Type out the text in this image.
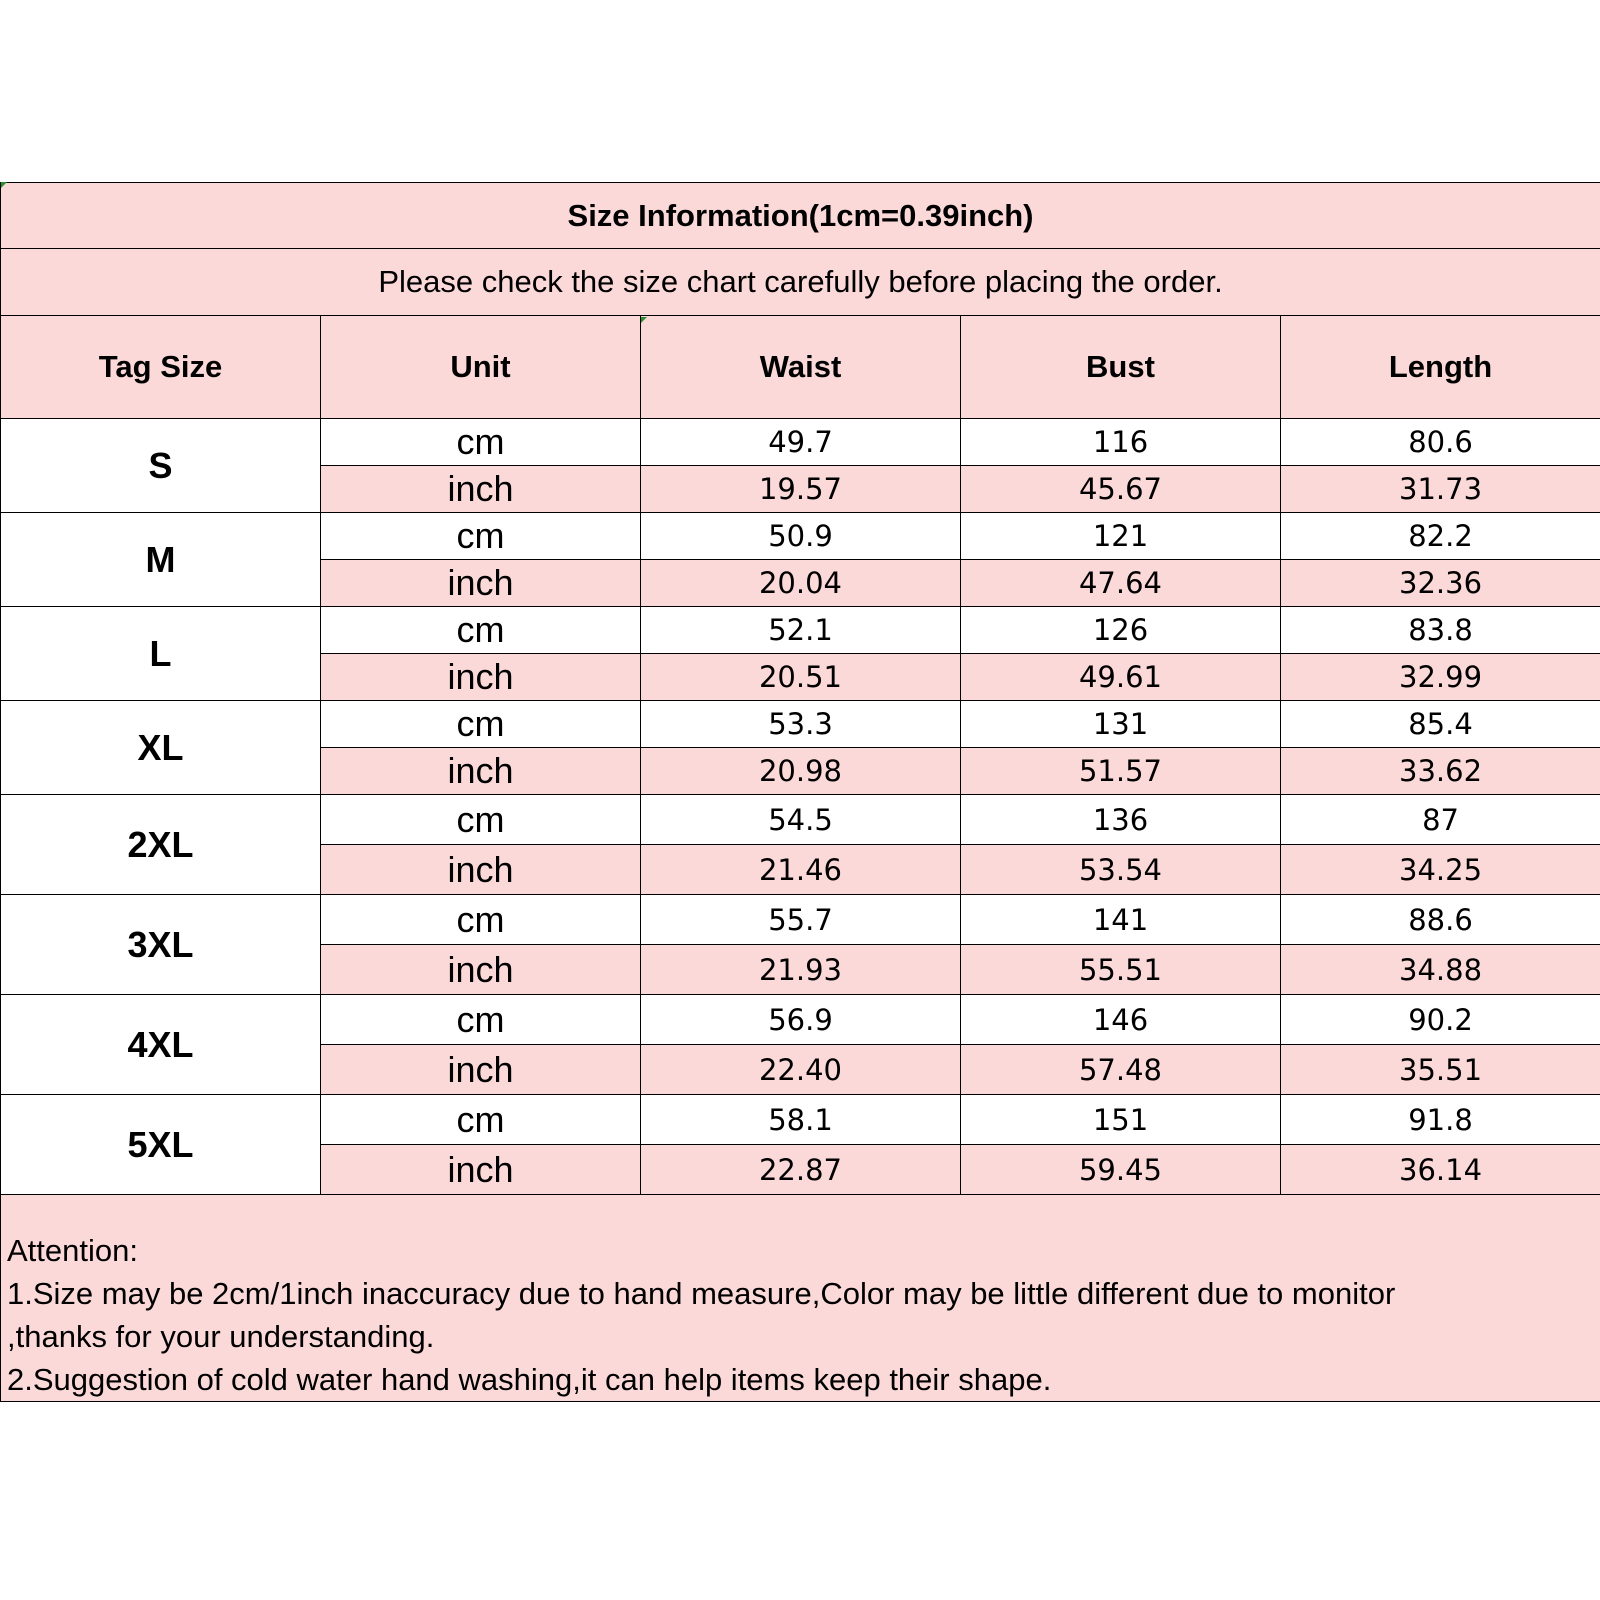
Size Information(1cm=0.39inch)				
Please check the size chart carefully before placing the order.				
Tag Size	Unit	Waist	Bust	Length
S	cm	49.7	116	80.6
	inch	19.57	45.67	31.73
M	cm	50.9	121	82.2
	inch	20.04	47.64	32.36
L	cm	52.1	126	83.8
	inch	20.51	49.61	32.99
XL	cm	53.3	131	85.4
	inch	20.98	51.57	33.62
2XL	cm	54.5	136	87
	inch	21.46	53.54	34.25
3XL	cm	55.7	141	88.6
	inch	21.93	55.51	34.88
4XL	cm	56.9	146	90.2
	inch	22.40	57.48	35.51
5XL	cm	58.1	151	91.8
	inch	22.87	59.45	36.14

Attention:
1.Size may be 2cm/1inch inaccuracy due to hand measure,Color may be little different due to monitor
,thanks for your understanding.
2.Suggestion of cold water hand washing,it can help items keep their shape.				
